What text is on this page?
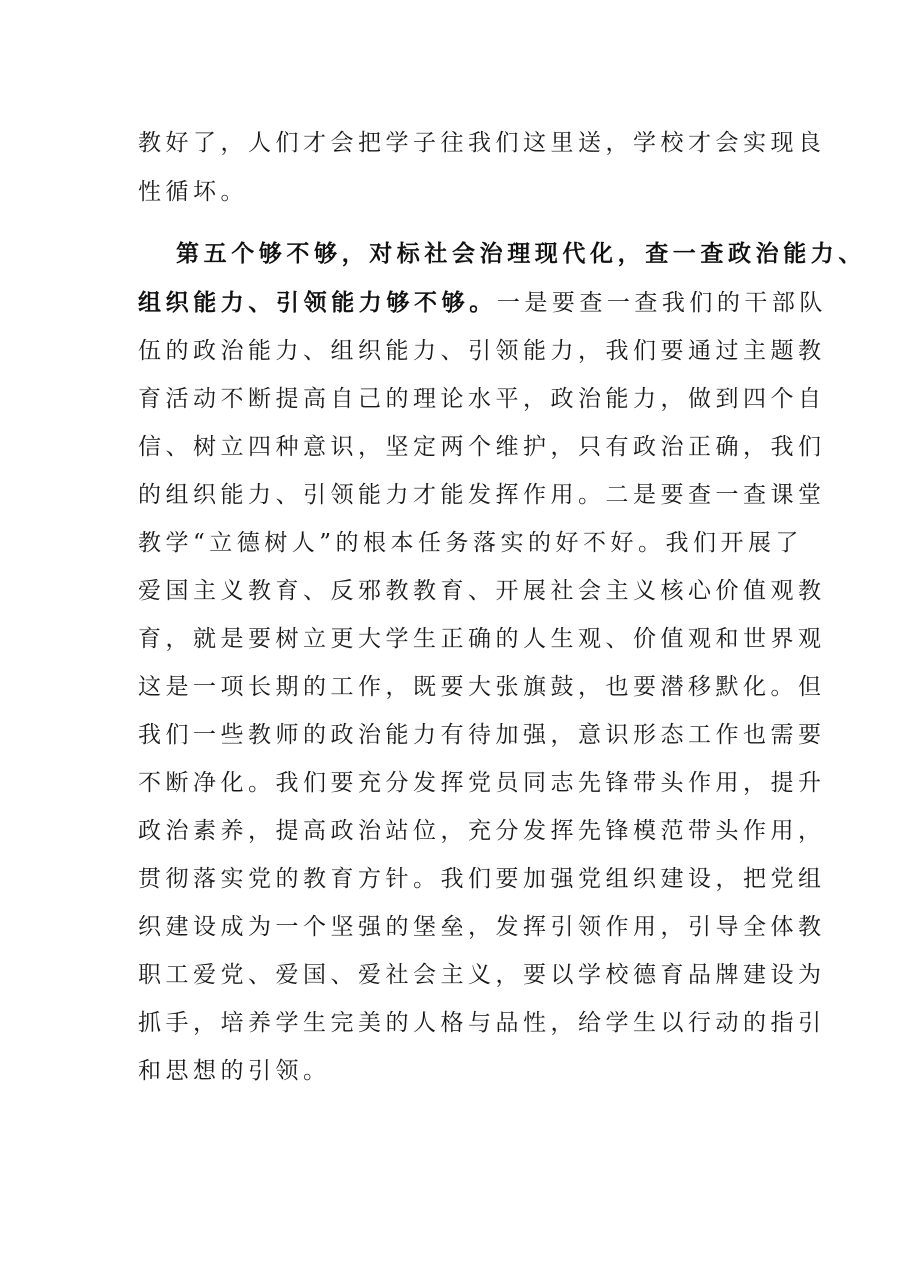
教好了，人们才会把学子往我们这里送，学校才会实现良
性循坏。
第五个够不够，对标社会治理现代化，查一查政治能力、
组织能力、引领能力够不够。一是要查一查我们的干部队
伍的政治能力、组织能力、引领能力，我们要通过主题教
育活动不断提高自己的理论水平，政治能力，做到四个自
信、树立四种意识，坚定两个维护，只有政治正确，我们
的组织能力、引领能力才能发挥作用。二是要查一查课堂
教学“立德树人”的根本任务落实的好不好。我们开展了
爱国主义教育、反邪教教育、开展社会主义核心价值观教
育，就是要树立更大学生正确的人生观、价值观和世界观
这是一项长期的工作，既要大张旗鼓，也要潜移默化。但
我们一些教师的政治能力有待加强，意识形态工作也需要
不断净化。我们要充分发挥党员同志先锋带头作用，提升
政治素养，提高政治站位，充分发挥先锋模范带头作用，
贯彻落实党的教育方针。我们要加强党组织建设，把党组
织建设成为一个坚强的堡垒，发挥引领作用，引导全体教
职工爱党、爱国、爱社会主义，要以学校德育品牌建设为
抓手，培养学生完美的人格与品性，给学生以行动的指引
和思想的引领。
